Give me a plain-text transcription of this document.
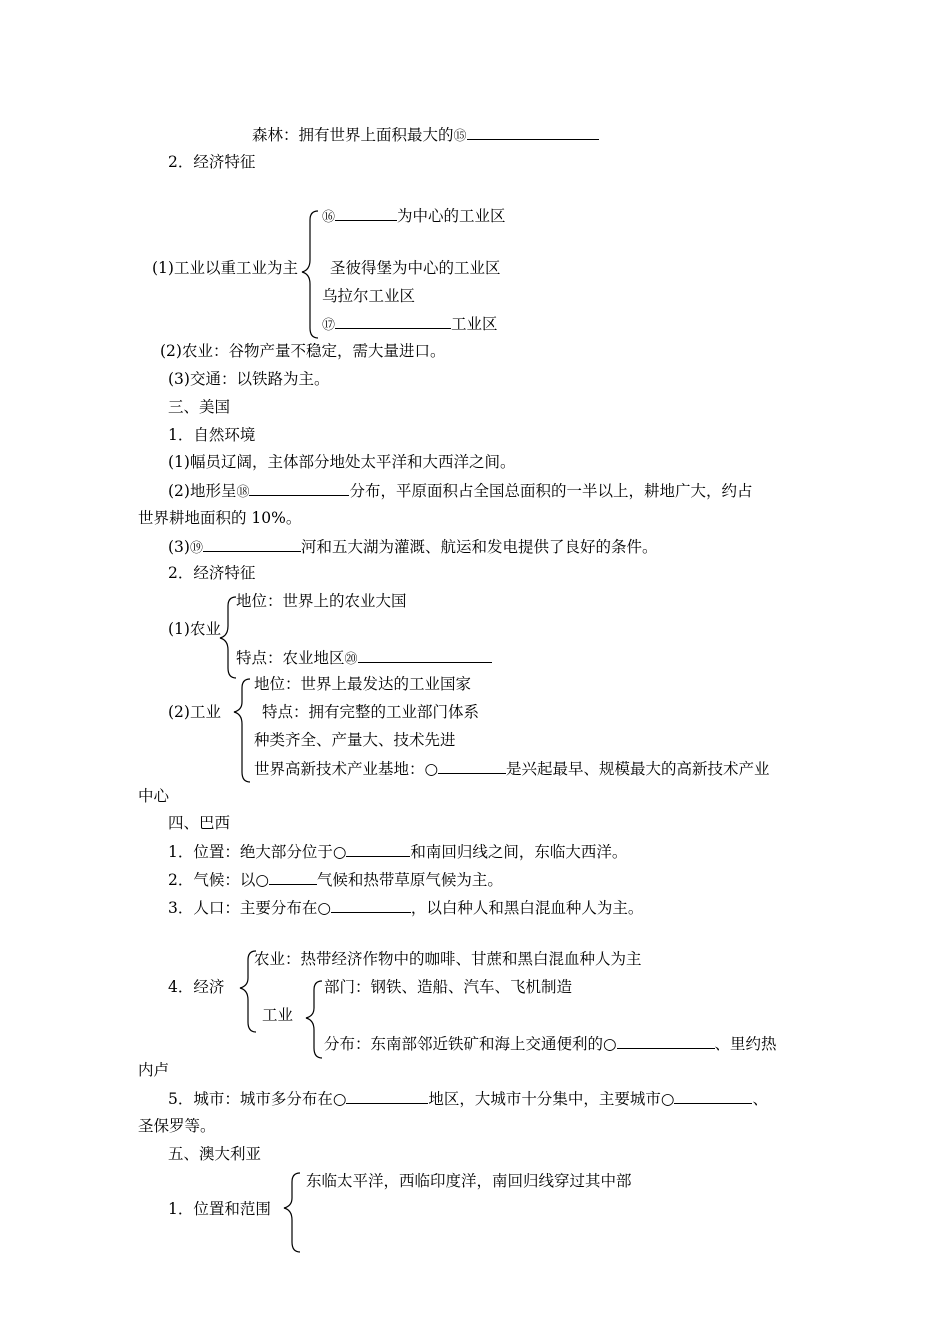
森林：拥有世界上面积最大的⑮
2．经济特征
⑯	为中心的工业区
(1)工业以重工业为主 圣彼得堡为中心的工业区
乌拉尔工业区
⑰	工业区
(2)农业：谷物产量不稳定，需大量进口。
(3)交通：以铁路为主。
三、美国
1．自然环境
(1)幅员辽阔，主体部分地处太平洋和大西洋之间。
(2)地形呈⑱	分布，平原面积占全国总面积的一半以上，耕地广大，约占
世界耕地面积的 10%。
(3)⑲	河和五大湖为灌溉、航运和发电提供了良好的条件。
2．经济特征
地位：世界上的农业大国
(1)农业
特点：农业地区⑳
地位：世界上最发达的工业国家
(2)工业	特点：拥有完整的工业部门体系
种类齐全、产量大、技术先进
世界高新技术产业基地：○	是兴起最早、规模最大的高新技术产业
中心
四、巴西
1．位置：绝大部分位于○	和南回归线之间，东临大西洋。
2．气候：以○	气候和热带草原气候为主。
3．人口：主要分布在○	，以白种人和黑白混血种人为主。
农业：热带经济作物中的咖啡、甘蔗和黑白混血种人为主
4．经济	部门：钢铁、造船、汽车、飞机制造
工业
分布：东南部邻近铁矿和海上交通便利的○	、里约热
内卢
5．城市：城市多分布在○	地区，大城市十分集中，主要城市○	、
圣保罗等。
五、澳大利亚
东临太平洋，西临印度洋，南回归线穿过其中部
1．位置和范围
